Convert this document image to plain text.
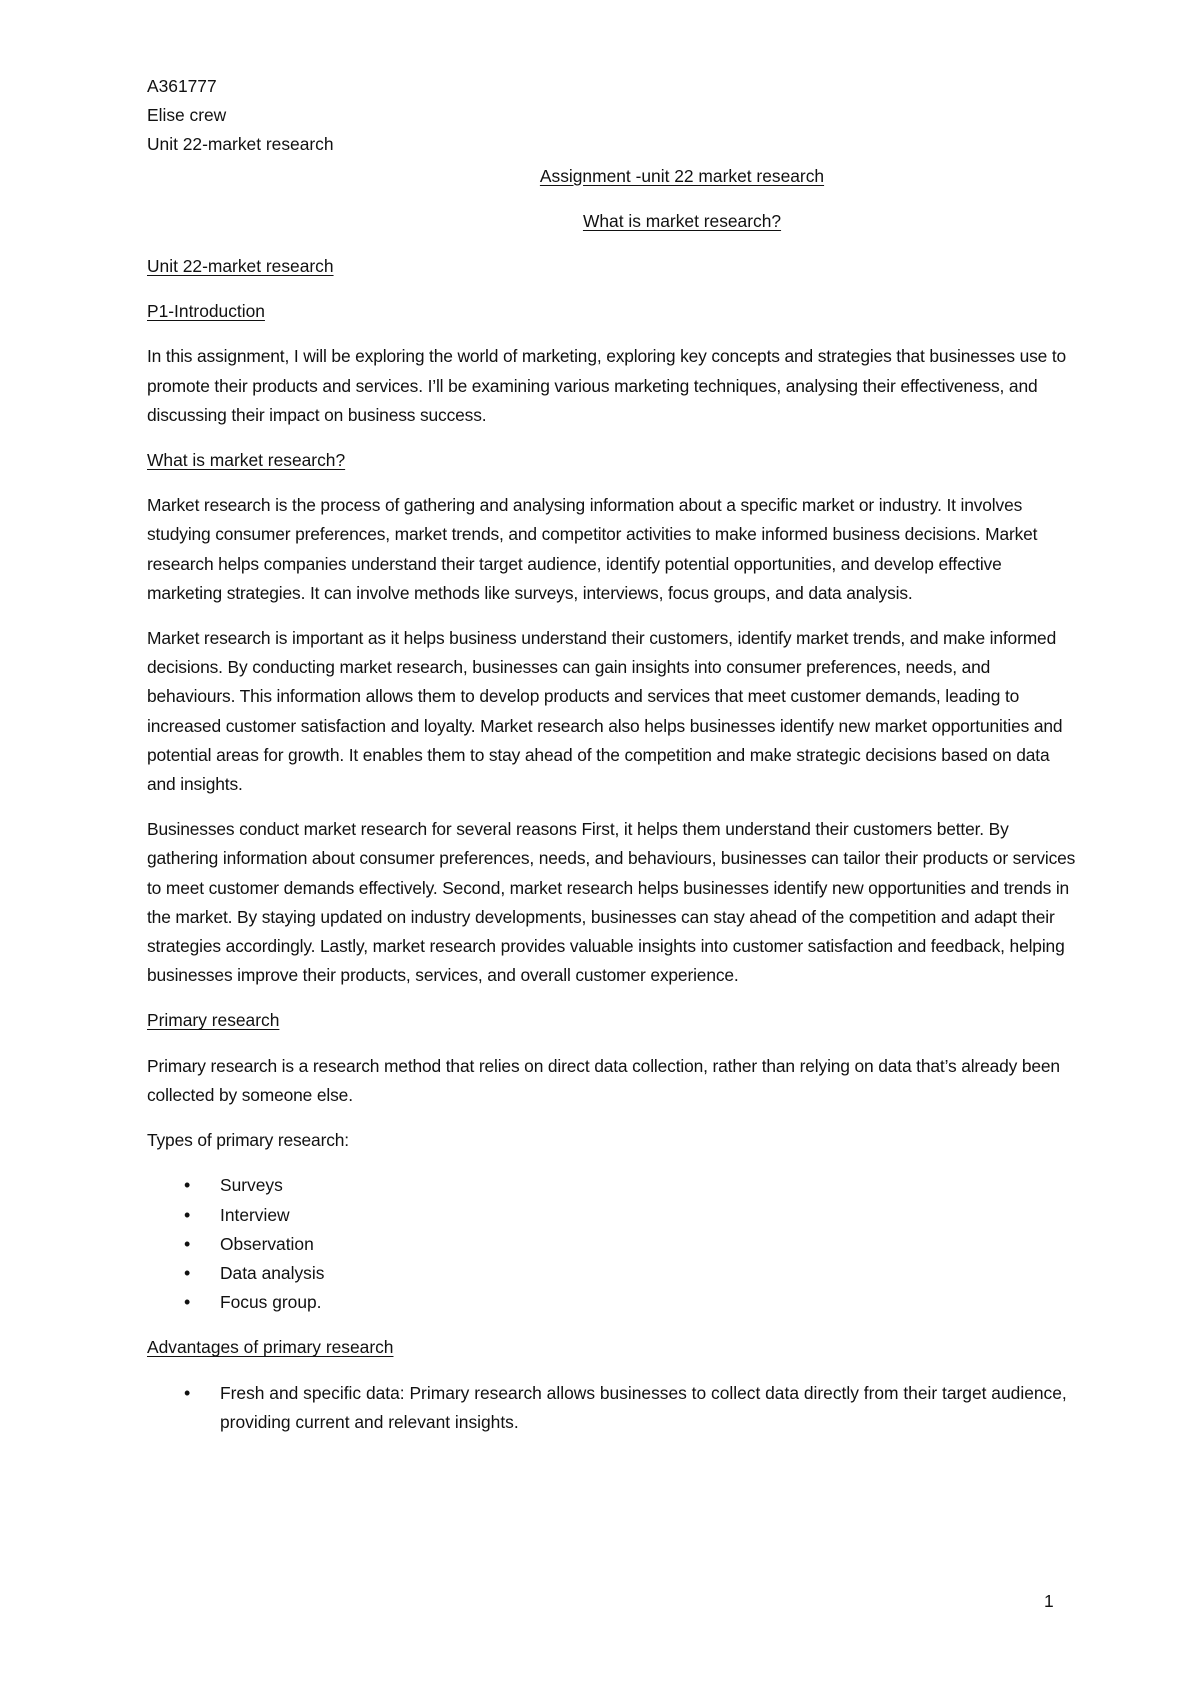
A361777

Elise crew

Unit 22-market research

Assignment -unit 22 market research

What is market research?

Unit 22-market research

P1-Introduction

In this assignment, I will be exploring the world of marketing, exploring key concepts and strategies that businesses use to promote their products and services. I’ll be examining various marketing techniques, analysing their effectiveness, and discussing their impact on business success.

What is market research?

Market research is the process of gathering and analysing information about a specific market or industry. It involves studying consumer preferences, market trends, and competitor activities to make informed business decisions. Market research helps companies understand their target audience, identify potential opportunities, and develop effective marketing strategies. It can involve methods like surveys, interviews, focus groups, and data analysis.

Market research is important as it helps business understand their customers, identify market trends, and make informed decisions. By conducting market research, businesses can gain insights into consumer preferences, needs, and behaviours. This information allows them to develop products and services that meet customer demands, leading to increased customer satisfaction and loyalty. Market research also helps businesses identify new market opportunities and potential areas for growth. It enables them to stay ahead of the competition and make strategic decisions based on data and insights.

Businesses conduct market research for several reasons First, it helps them understand their customers better. By gathering information about consumer preferences, needs, and behaviours, businesses can tailor their products or services to meet customer demands effectively. Second, market research helps businesses identify new opportunities and trends in the market. By staying updated on industry developments, businesses can stay ahead of the competition and adapt their strategies accordingly. Lastly, market research provides valuable insights into customer satisfaction and feedback, helping businesses improve their products, services, and overall customer experience.

Primary research

Primary research is a research method that relies on direct data collection, rather than relying on data that’s already been collected by someone else.

Types of primary research:

• Surveys
• Interview
• Observation
• Data analysis
• Focus group.

Advantages of primary research

• Fresh and specific data: Primary research allows businesses to collect data directly from their target audience, providing current and relevant insights.
1
